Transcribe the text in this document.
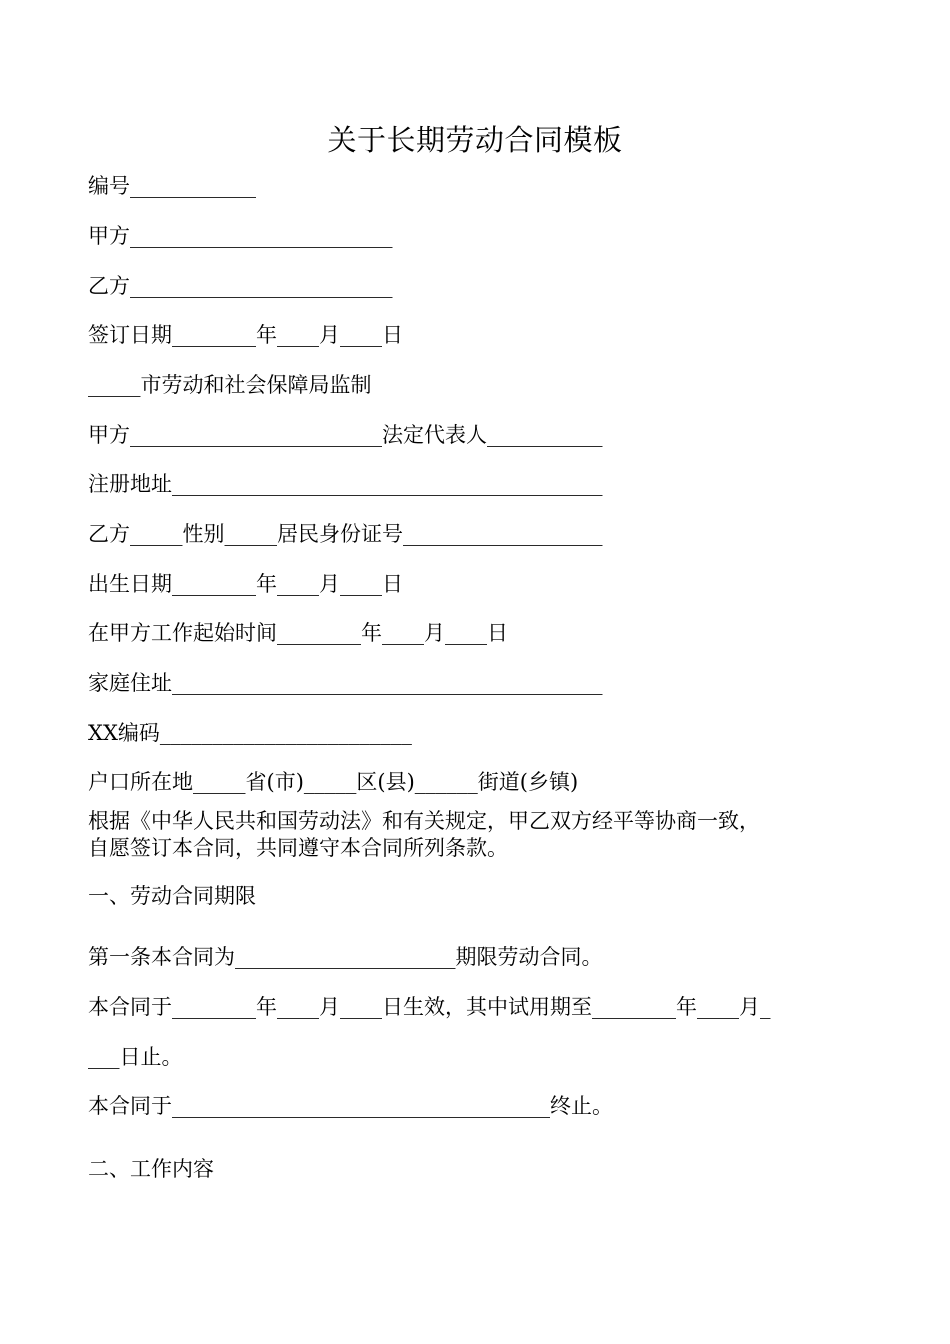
关于长期劳动合同模板
编号____________
甲方_________________________
乙方_________________________
签订日期________年____月____日
_____市劳动和社会保障局监制
甲方________________________法定代表人___________
注册地址_________________________________________
乙方_____性别_____居民身份证号___________________
出生日期________年____月____日
在甲方工作起始时间________年____月____日
家庭住址_________________________________________
XX编码________________________
户口所在地_____省(市)_____区(县)______街道(乡镇)
根据《中华人民共和国劳动法》和有关规定，甲乙双方经平等协商一致，
自愿签订本合同，共同遵守本合同所列条款。
一、劳动合同期限
第一条本合同为_____________________期限劳动合同。
本合同于________年____月____日生效，其中试用期至________年____月_
___日止。
本合同于____________________________________终止。
二、工作内容
